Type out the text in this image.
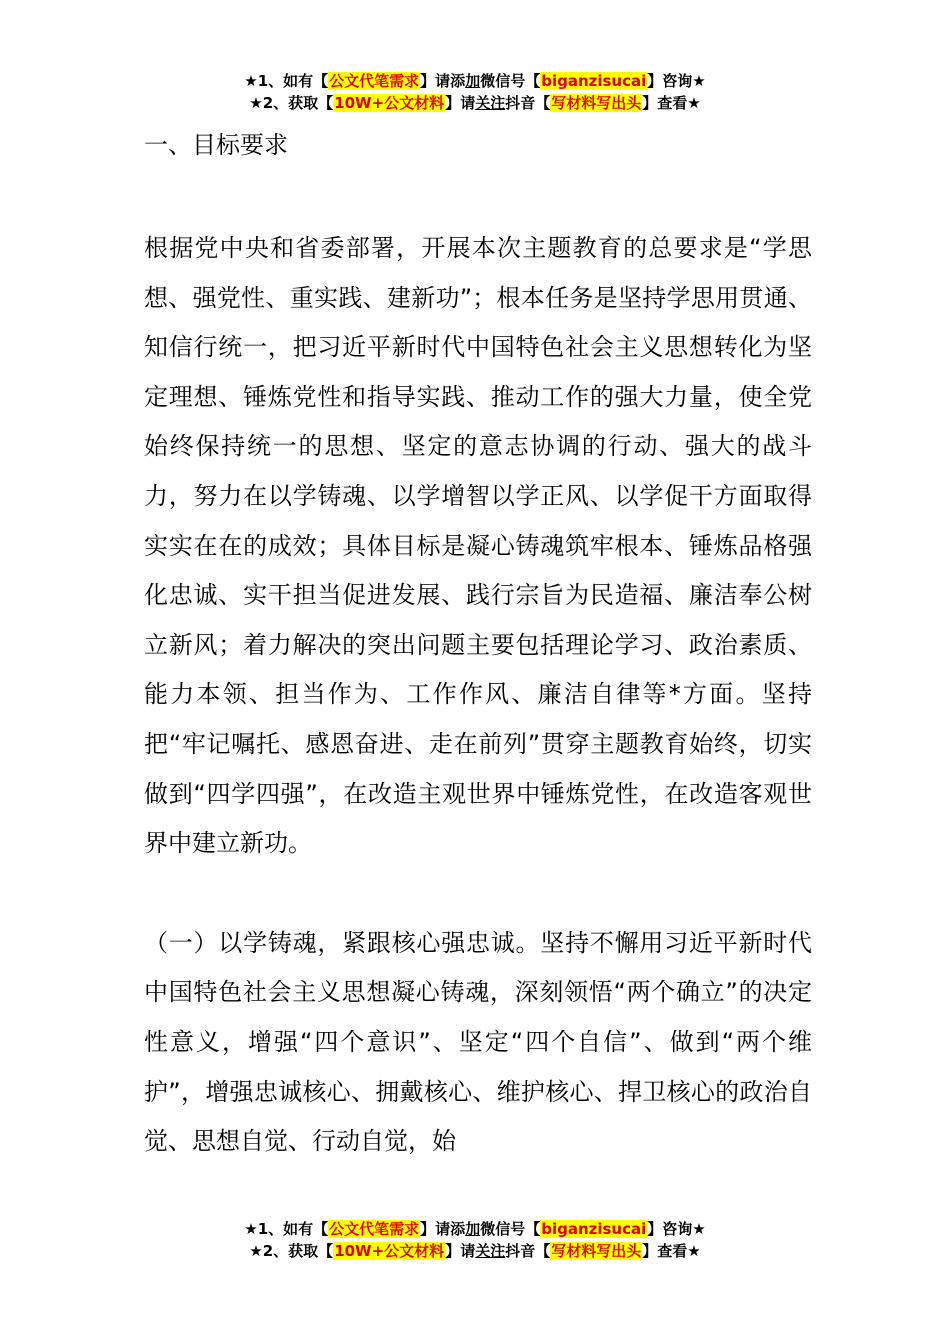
★1、如有【公文代笔需求】请添加微信号【biganzisucai】咨询★
★2、获取【10W+公文材料】请关注抖音【写材料写出头】查看★
一、目标要求

根据党中央和省委部署，开展本次主题教育的总要求是“学思想、强党性、重实践、建新功”；根本任务是坚持学思用贯通、知信行统一，把习近平新时代中国特色社会主义思想转化为坚定理想、锤炼党性和指导实践、推动工作的强大力量，使全党始终保持统一的思想、坚定的意志协调的行动、强大的战斗力，努力在以学铸魂、以学增智以学正风、以学促干方面取得实实在在的成效；具体目标是凝心铸魂筑牢根本、锤炼品格强化忠诚、实干担当促进发展、践行宗旨为民造福、廉洁奉公树立新风；着力解决的突出问题主要包括理论学习、政治素质、能力本领、担当作为、工作作风、廉洁自律等*方面。坚持把“牢记嘱托、感恩奋进、走在前列”贯穿主题教育始终，切实做到“四学四强”，在改造主观世界中锤炼党性，在改造客观世界中建立新功。

（一）以学铸魂，紧跟核心强忠诚。坚持不懈用习近平新时代中国特色社会主义思想凝心铸魂，深刻领悟“两个确立”的决定性意义，增强“四个意识”、坚定“四个自信”、做到“两个维护”，增强忠诚核心、拥戴核心、维护核心、捍卫核心的政治自觉、思想自觉、行动自觉，始

★1、如有【公文代笔需求】请添加微信号【biganzisucai】咨询★
★2、获取【10W+公文材料】请关注抖音【写材料写出头】查看★
